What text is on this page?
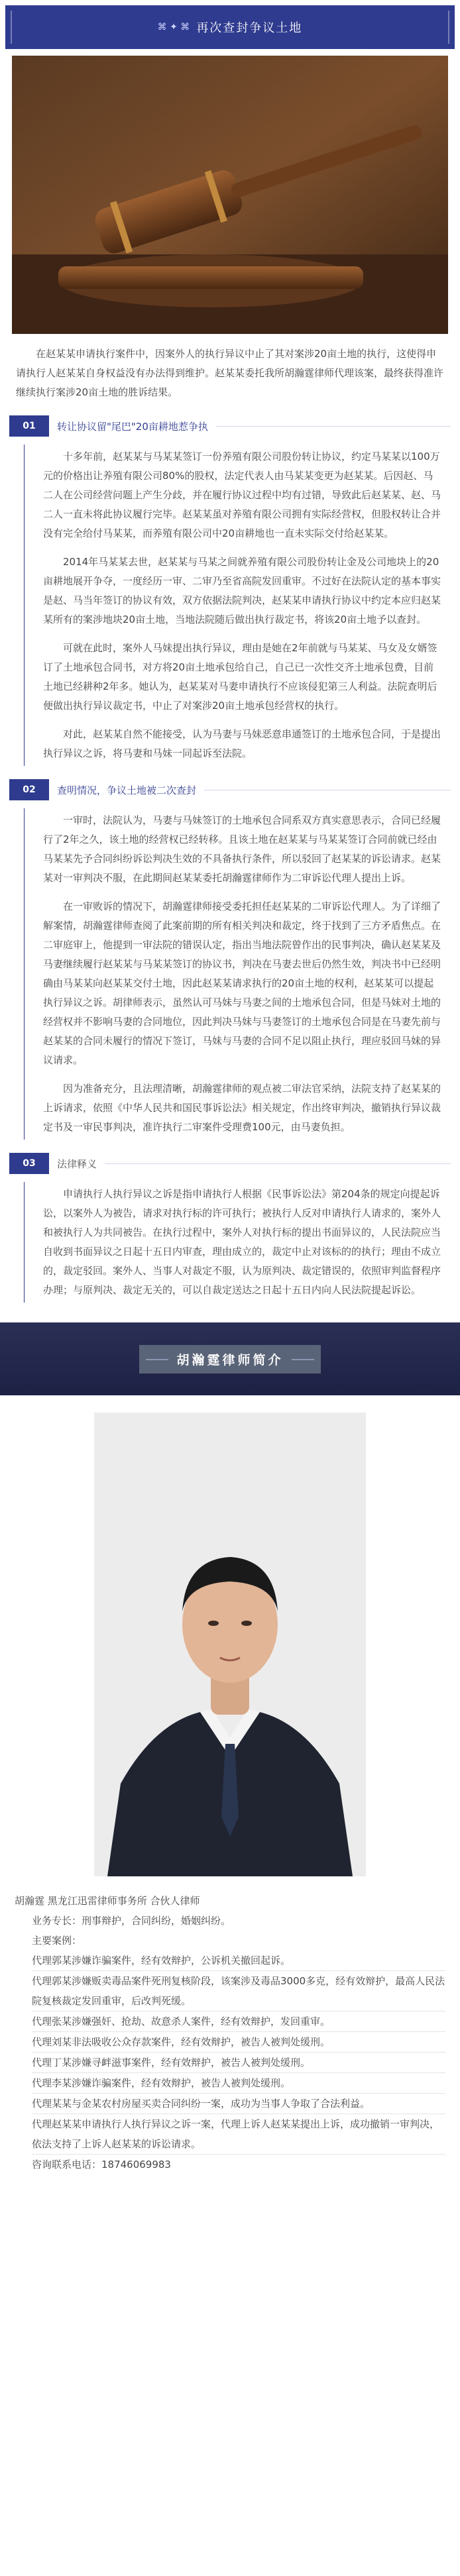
⌘ ✦ ⌘ 再次查封争议土地
在赵某某申请执行案件中，因案外人的执行异议中止了其对案涉20亩土地的执行，这使得申请执行人赵某某自身权益没有办法得到维护。赵某某委托我所胡瀚霆律师代理该案，最终获得准许继续执行案涉20亩土地的胜诉结果。
01	转让协议留"尾巴"20亩耕地惹争执

十多年前，赵某某与马某某签订一份养殖有限公司股份转让协议，约定马某某以100万元的价格出让养殖有限公司80%的股权，法定代表人由马某某变更为赵某某。后因赵、马二人在公司经营问题上产生分歧，并在履行协议过程中均有过错，导致此后赵某某、赵、马二人一直未将此协议履行完毕。赵某某虽对养殖有限公司拥有实际经营权，但股权转让合并没有完全给付马某某，而养殖有限公司中20亩耕地也一直未实际交付给赵某某。

2014年马某某去世，赵某某与马某之间就养殖有限公司股份转让金及公司地块上的20亩耕地展开争夺，一度经历一审、二审乃至省高院发回重审。不过好在法院认定的基本事实是赵、马当年签订的协议有效，双方依据法院判决，赵某某申请执行协议中约定本应归赵某某所有的案涉地块20亩土地，当地法院随后做出执行裁定书，将该20亩土地予以查封。

可就在此时，案外人马妹提出执行异议，理由是她在2年前就与马某某、马女及女婿签订了土地承包合同书，对方将20亩土地承包给自己，自己已一次性交齐土地承包费，目前土地已经耕种2年多。她认为，赵某某对马妻申请执行不应该侵犯第三人利益。法院查明后便做出执行异议裁定书，中止了对案涉20亩土地承包经营权的执行。

对此，赵某某自然不能接受，认为马妻与马妹恶意串通签订的土地承包合同，于是提出执行异议之诉，将马妻和马妹一同起诉至法院。

02	查明情况，争议土地被二次查封

一审时，法院认为，马妻与马妹签订的土地承包合同系双方真实意思表示，合同已经履行了2年之久，该土地的经营权已经转移。且该土地在赵某某与马某某签订合同前就已经由马某某先予合同纠纷诉讼判决生效的不具备执行条件，所以驳回了赵某某的诉讼请求。赵某某对一审判决不服，在此期间赵某某委托胡瀚霆律师作为二审诉讼代理人提出上诉。

在一审败诉的情况下，胡瀚霆律师接受委托担任赵某某的二审诉讼代理人。为了详细了解案情，胡瀚霆律师查阅了此案前期的所有相关判决和裁定，终于找到了三方矛盾焦点。在二审庭审上，他提到一审法院的错误认定，指出当地法院曾作出的民事判决，确认赵某某及马妻继续履行赵某某与马某某签订的协议书，判决在马妻去世后仍然生效，判决书中已经明确由马某某向赵某某交付土地，因此赵某某请求执行的20亩土地的权利，赵某某可以提起执行异议之诉。胡律师表示，虽然认可马妹与马妻之间的土地承包合同，但是马妹对土地的经营权并不影响马妻的合同地位，因此判决马妹与马妻签订的土地承包合同是在马妻先前与赵某某的合同未履行的情况下签订，马妹与马妻的合同不足以阻止执行，理应驳回马妹的异议请求。

因为准备充分，且法理清晰，胡瀚霆律师的观点被二审法官采纳，法院支持了赵某某的上诉请求，依照《中华人民共和国民事诉讼法》相关规定，作出终审判决，撤销执行异议裁定书及一审民事判决，准许执行二审案件受理费100元，由马妻负担。

03	法律释义

申请执行人执行异议之诉是指申请执行人根据《民事诉讼法》第204条的规定向提起诉讼，以案外人为被告，请求对执行标的许可执行；被执行人反对申请执行人请求的，案外人和被执行人为共同被告。在执行过程中，案外人对执行标的提出书面异议的，人民法院应当自收到书面异议之日起十五日内审查，理由成立的，裁定中止对该标的的执行；理由不成立的，裁定驳回。案外人、当事人对裁定不服，认为原判决、裁定错误的，依照审判监督程序办理；与原判决、裁定无关的，可以自裁定送达之日起十五日内向人民法院提起诉讼。

胡瀚霆律师简介
胡瀚霆 黑龙江迅雷律师事务所 合伙人律师
业务专长：刑事辩护，合同纠纷，婚姻纠纷。
主要案例：
代理郭某涉嫌诈骗案件，经有效辩护，公诉机关撤回起诉。
代理郭某涉嫌贩卖毒品案件死刑复核阶段，该案涉及毒品3000多克，经有效辩护，最高人民法院复核裁定发回重审，后改判死缓。
代理张某涉嫌强奸、抢劫、故意杀人案件，经有效辩护，发回重审。
代理刘某非法吸收公众存款案件，经有效辩护，被告人被判处缓刑。
代理丁某涉嫌寻衅滋事案件，经有效辩护，被告人被判处缓刑。
代理李某涉嫌诈骗案件，经有效辩护，被告人被判处缓刑。
代理某某与金某农村房屋买卖合同纠纷一案，成功为当事人争取了合法利益。
代理赵某某申请执行人执行异议之诉一案，代理上诉人赵某某提出上诉，成功撤销一审判决，依法支持了上诉人赵某某的诉讼请求。
咨询联系电话：18746069983
